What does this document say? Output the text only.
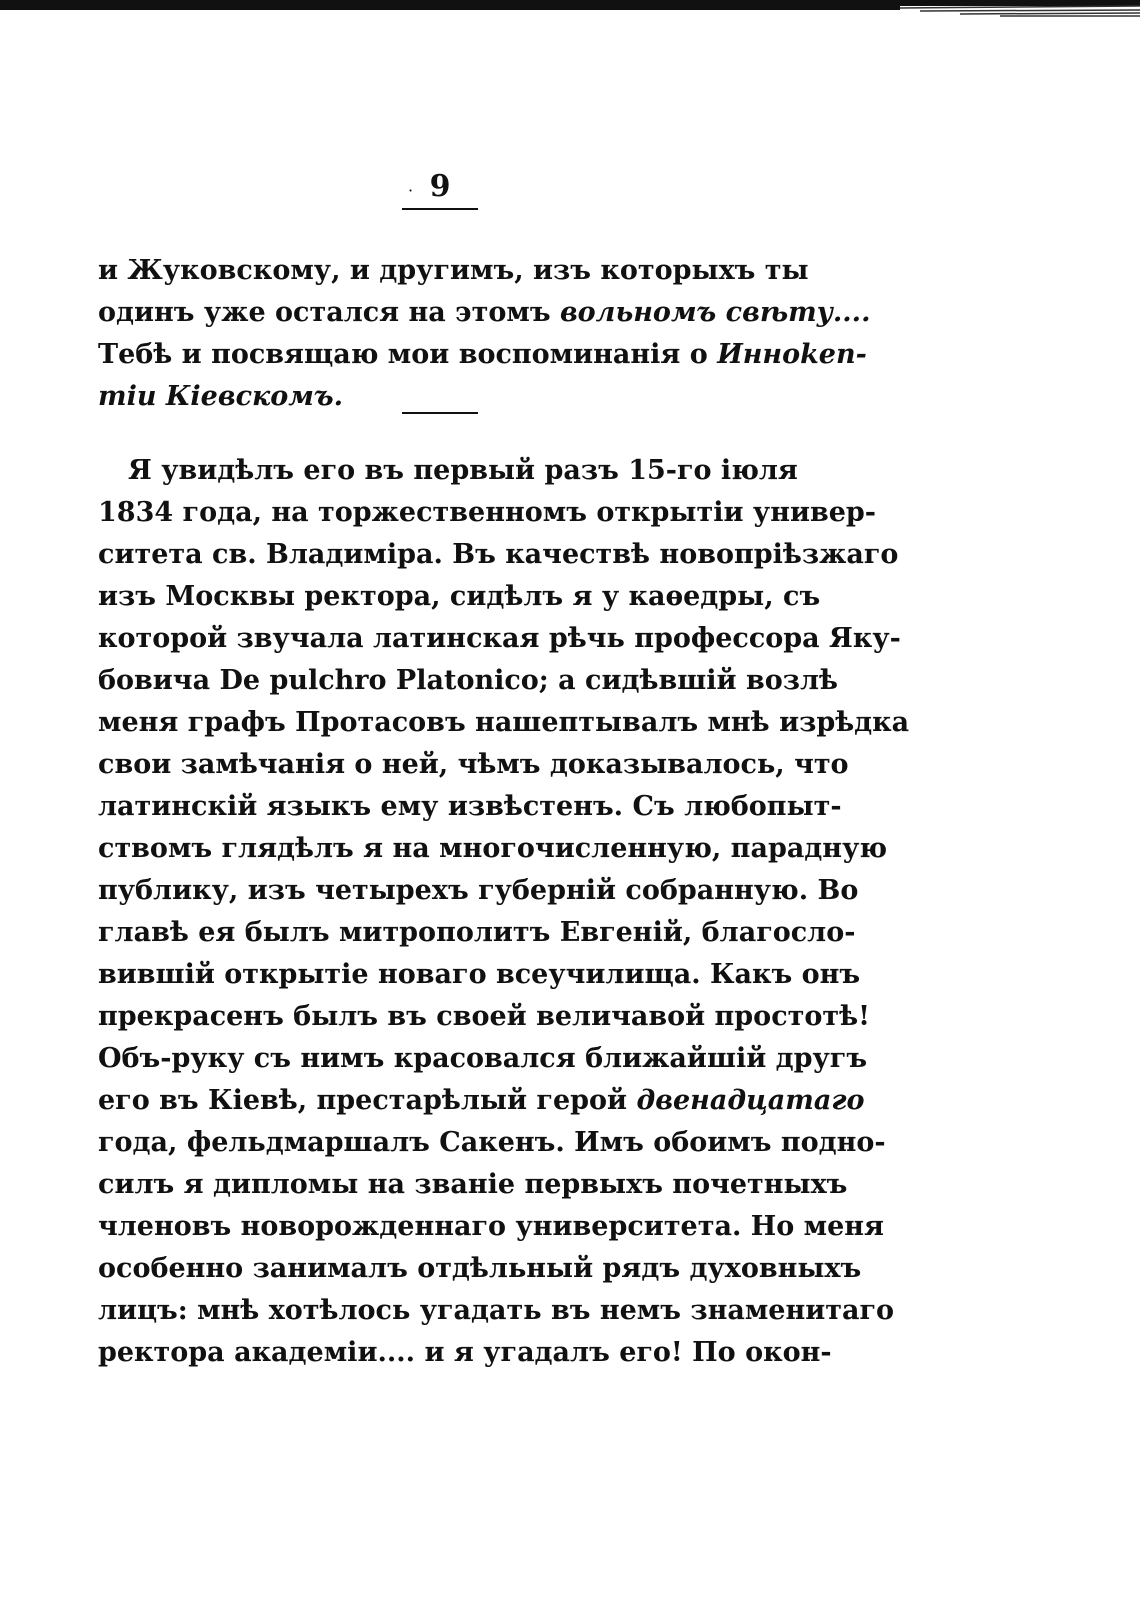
· 9
и Жуковскому, и другимъ, изъ которыхъ ты
одинъ уже остался на этомъ вольномъ свѣту....
Тебѣ и посвящаю мои воспоминанія о Инноken-
тіи Кіевскомъ.
Я увидѣлъ его въ первый разъ 15-го іюля
1834 года, на торжественномъ открытіи универ-
ситета св. Владиміра. Въ качествѣ новопріѣзжаго
изъ Москвы ректора, сидѣлъ я у каѳедры, съ
которой звучала латинская рѣчь профессора Яку-
бовича De pulchro Platonico; а сидѣвшій возлѣ
меня графъ Протасовъ нашептывалъ мнѣ изрѣдка
свои замѣчанія о ней, чѣмъ доказывалось, что
латинскій языкъ ему извѣстенъ. Съ любопыт-
ствомъ глядѣлъ я на многочисленную, парадную
публику, изъ четырехъ губерній собранную. Во
главѣ ея былъ митрополитъ Евгеній, благосло-
вившій открытіе новаго всеучилища. Какъ онъ
прекрасенъ былъ въ своей величавой простотѣ!
Объ-руку съ нимъ красовался ближайшій другъ
его въ Кіевѣ, престарѣлый герой двенадцатаго
года, фельдмаршалъ Сакенъ. Имъ обоимъ подно-
силъ я дипломы на званіе первыхъ почетныхъ
членовъ новорожденнаго университета. Но меня
особенно занималъ отдѣльный рядъ духовныхъ
лицъ: мнѣ хотѣлось угадать въ немъ знаменитаго
ректора академіи.... и я угадалъ его! По окон-
